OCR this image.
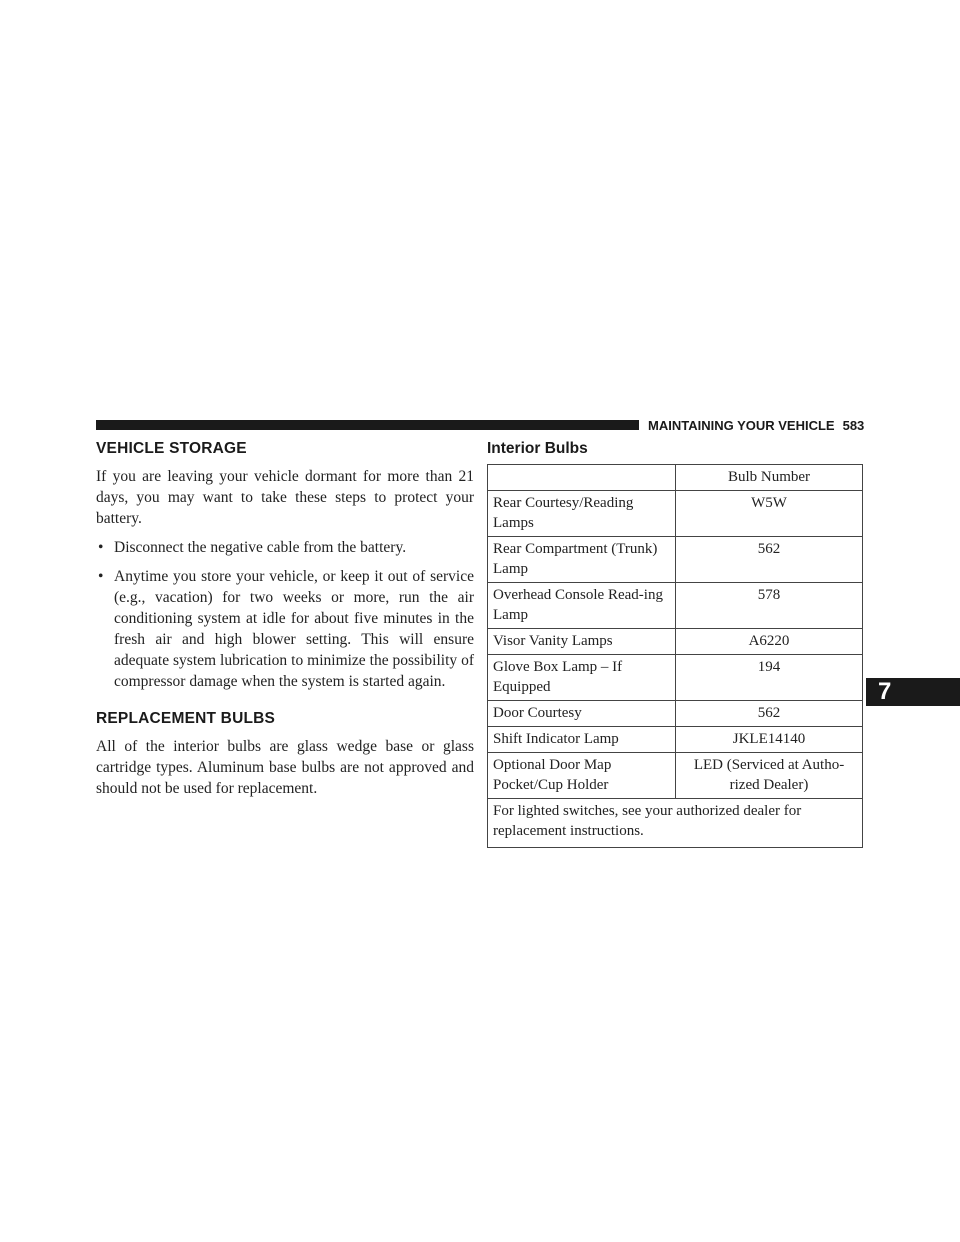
MAINTAINING YOUR VEHICLE 583
7
VEHICLE STORAGE

If you are leaving your vehicle dormant for more than 21 days, you may want to take these steps to protect your battery.

• Disconnect the negative cable from the battery.
• Anytime you store your vehicle, or keep it out of service (e.g., vacation) for two weeks or more, run the air conditioning system at idle for about five minutes in the fresh air and high blower setting. This will ensure adequate system lubrication to minimize the possibility of compressor damage when the system is started again.
REPLACEMENT BULBS

All of the interior bulbs are glass wedge base or glass cartridge types. Aluminum base bulbs are not approved and should not be used for replacement.

Interior Bulbs
	Bulb Number
Rear Courtesy/Reading Lamps	W5W
Rear Compartment (Trunk) Lamp	562
Overhead Console Read-ing Lamp	578
Visor Vanity Lamps	A6220
Glove Box Lamp – If Equipped	194
Door Courtesy	562
Shift Indicator Lamp	JKLE14140
Optional Door Map Pocket/Cup Holder	LED (Serviced at Autho-rized Dealer)
For lighted switches, see your authorized dealer for replacement instructions.	
